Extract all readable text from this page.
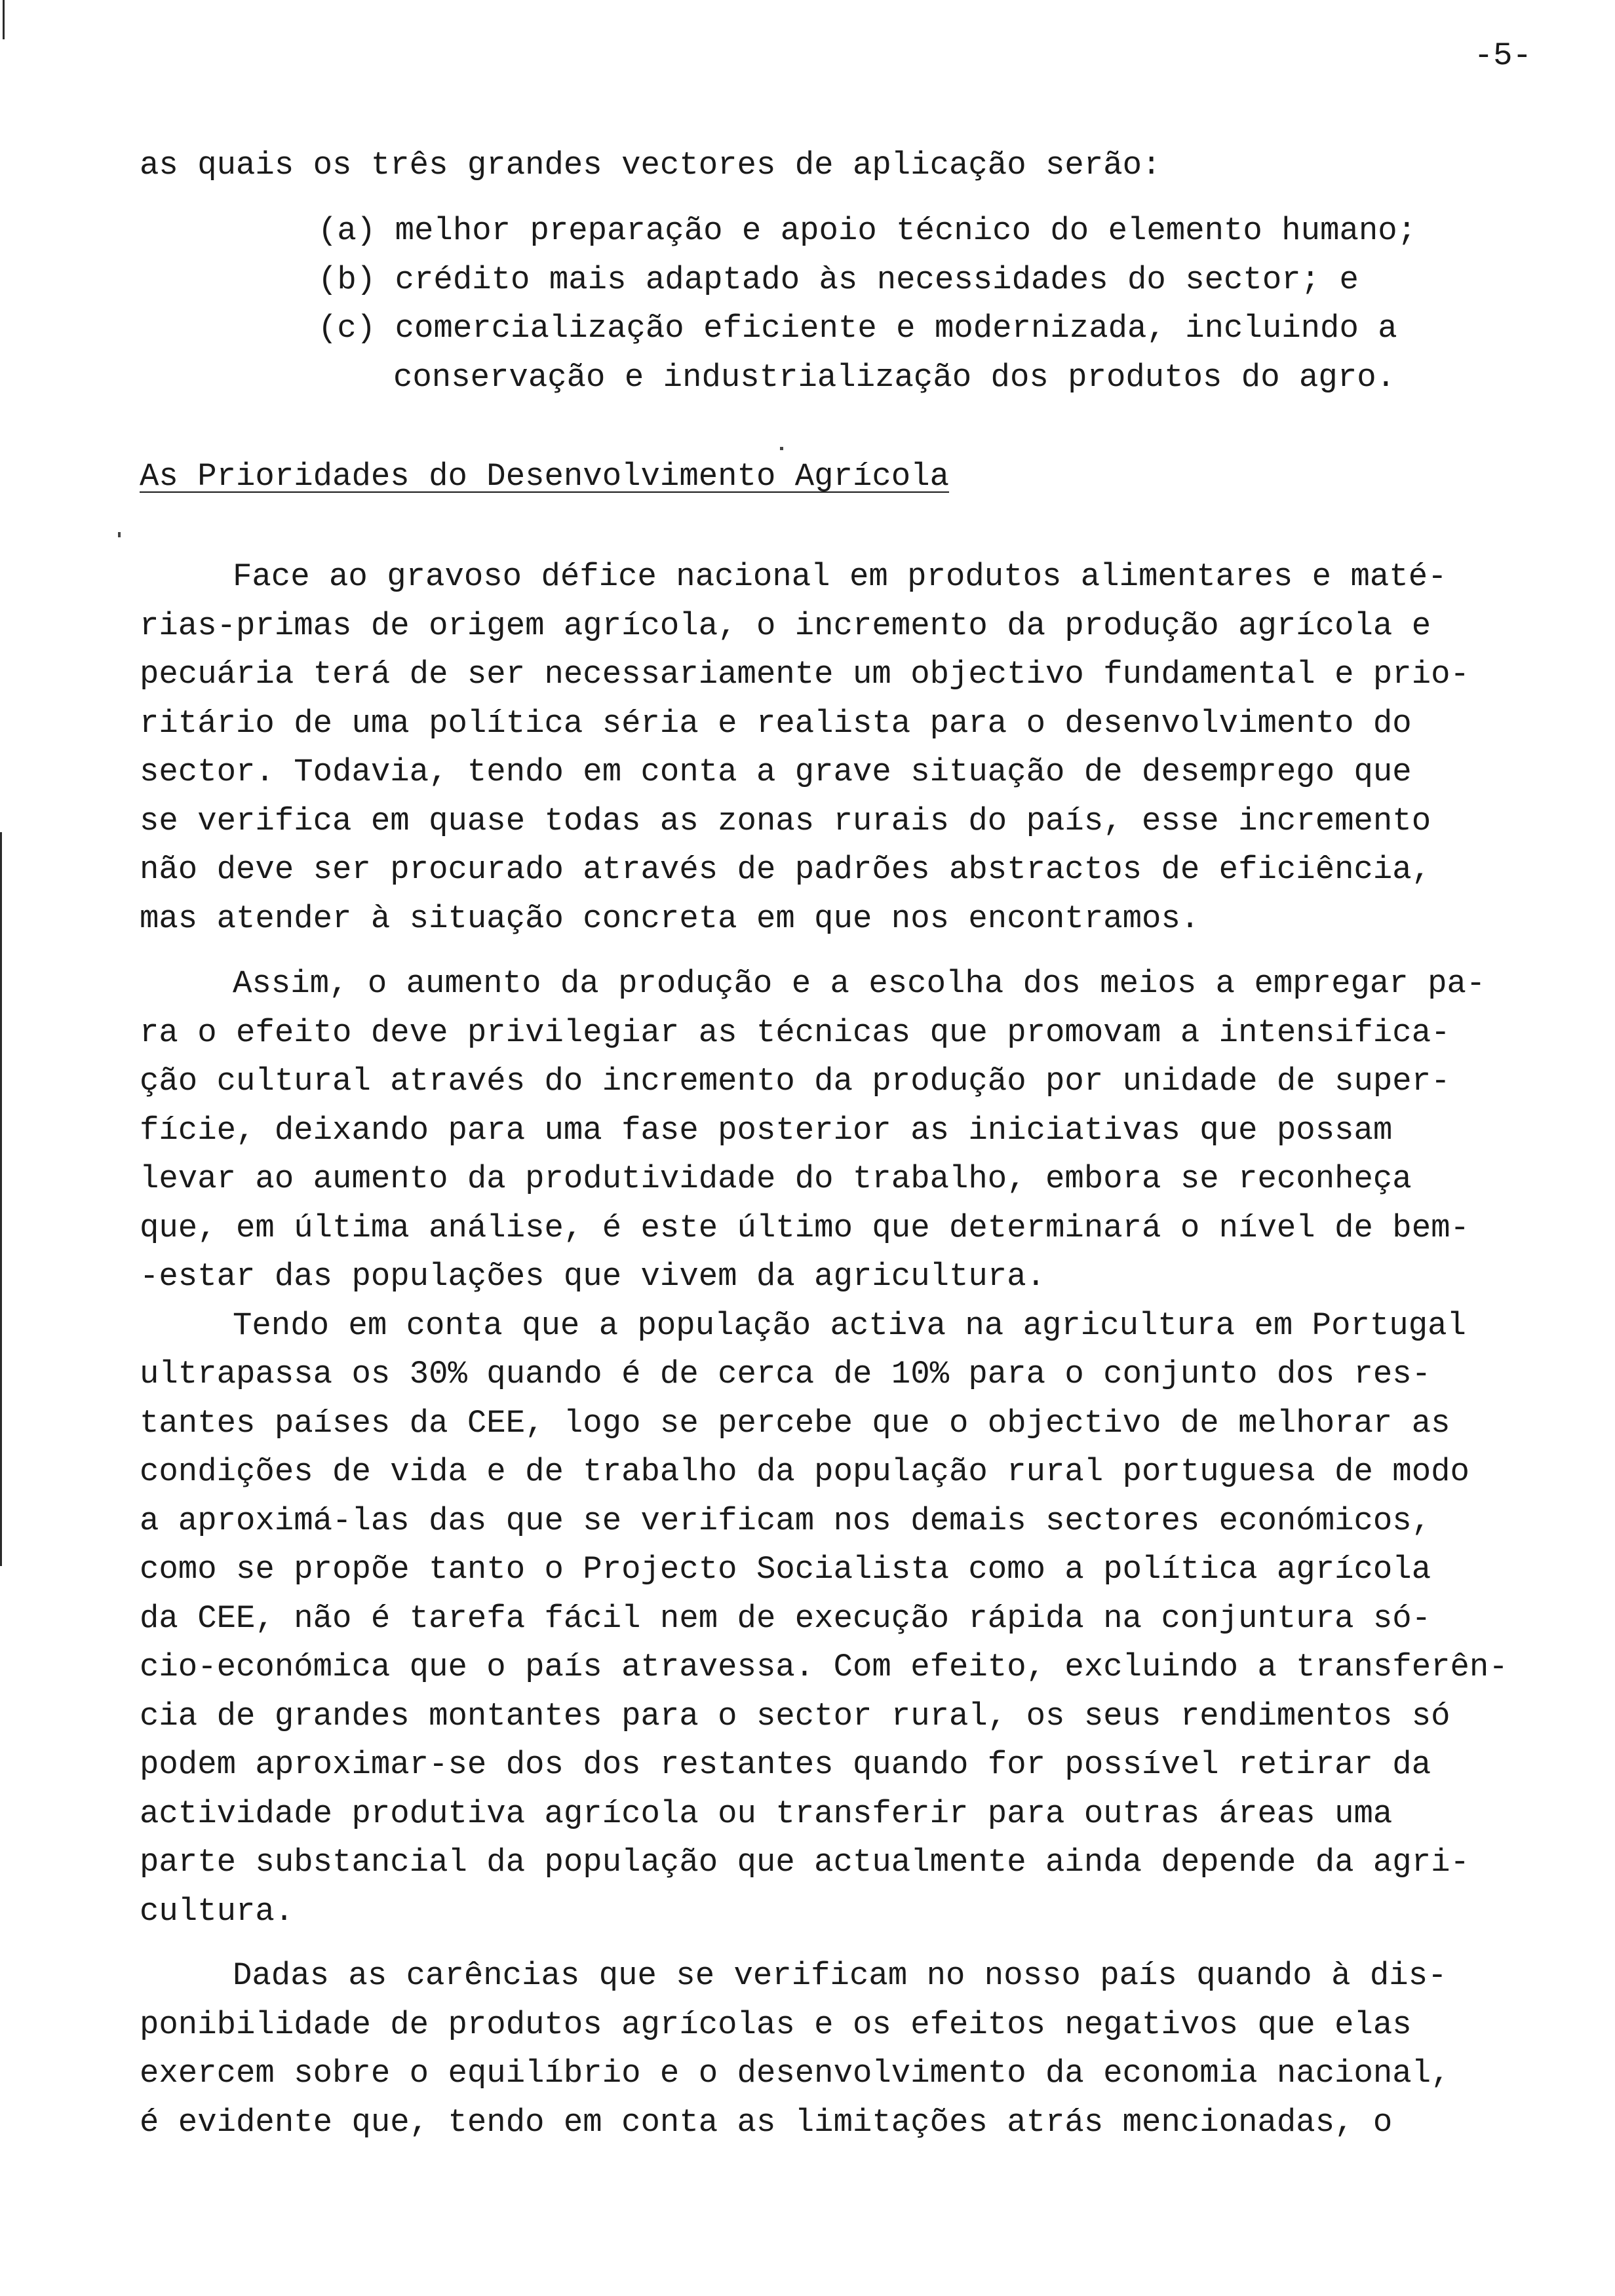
-5-

as quais os três grandes vectores de aplicação serão:

(a) melhor preparação e apoio técnico do elemento humano;

(b) crédito mais adaptado às necessidades do sector; e

(c) comercialização eficiente e modernizada, incluindo a

conservação e industrialização dos produtos do agro.

As Prioridades do Desenvolvimento Agrícola

Face ao gravoso défice nacional em produtos alimentares e maté-

rias-primas de origem agrícola, o incremento da produção agrícola e

pecuária terá de ser necessariamente um objectivo fundamental e prio-

ritário de uma política séria e realista para o desenvolvimento do

sector. Todavia, tendo em conta a grave situação de desemprego que

se verifica em quase todas as zonas rurais do país, esse incremento

não deve ser procurado através de padrões abstractos de eficiência,

mas atender à situação concreta em que nos encontramos.

Assim, o aumento da produção e a escolha dos meios a empregar pa-

ra o efeito deve privilegiar as técnicas que promovam a intensifica-

ção cultural através do incremento da produção por unidade de super-

fície, deixando para uma fase posterior as iniciativas que possam

levar ao aumento da produtividade do trabalho, embora se reconheça

que, em última análise, é este último que determinará o nível de bem-

-estar das populações que vivem da agricultura.

Tendo em conta que a população activa na agricultura em Portugal

ultrapassa os 30% quando é de cerca de 10% para o conjunto dos res-

tantes países da CEE, logo se percebe que o objectivo de melhorar as

condições de vida e de trabalho da população rural portuguesa de modo

a aproximá-las das que se verificam nos demais sectores económicos,

como se propõe tanto o Projecto Socialista como a política agrícola

da CEE, não é tarefa fácil nem de execução rápida na conjuntura só-

cio-económica que o país atravessa. Com efeito, excluindo a transferên-

cia de grandes montantes para o sector rural, os seus rendimentos só

podem aproximar-se dos dos restantes quando for possível retirar da

actividade produtiva agrícola ou transferir para outras áreas uma

parte substancial da população que actualmente ainda depende da agri-

cultura.

Dadas as carências que se verificam no nosso país quando à dis-

ponibilidade de produtos agrícolas e os efeitos negativos que elas

exercem sobre o equilíbrio e o desenvolvimento da economia nacional,

é evidente que, tendo em conta as limitações atrás mencionadas, o
